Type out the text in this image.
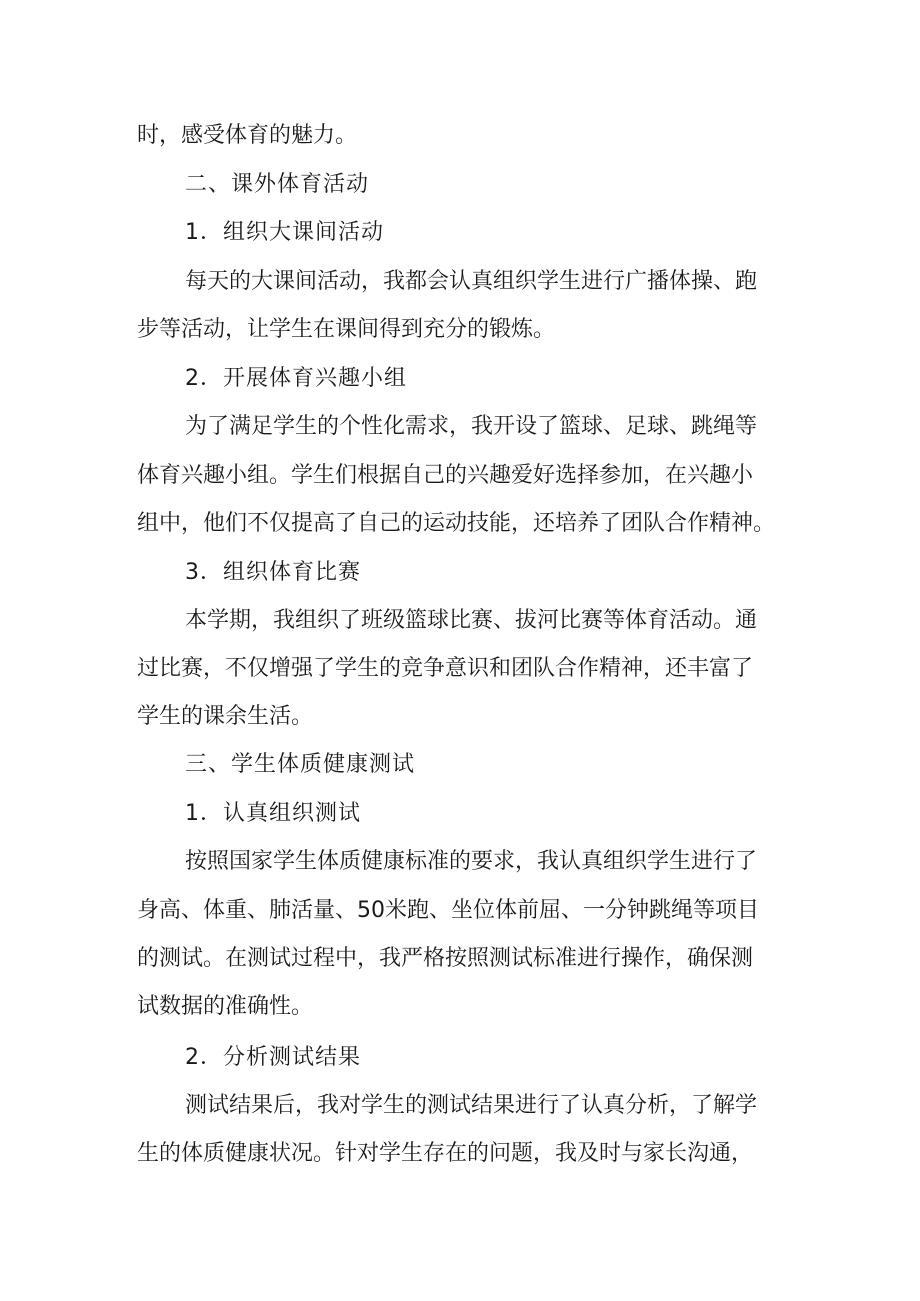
时，感受体育的魅力。
二、课外体育活动
1．组织大课间活动
每天的大课间活动，我都会认真组织学生进行广播体操、跑
步等活动，让学生在课间得到充分的锻炼。
2．开展体育兴趣小组
为了满足学生的个性化需求，我开设了篮球、足球、跳绳等
体育兴趣小组。学生们根据自己的兴趣爱好选择参加，在兴趣小
组中，他们不仅提高了自己的运动技能，还培养了团队合作精神。
3．组织体育比赛
本学期，我组织了班级篮球比赛、拔河比赛等体育活动。通
过比赛，不仅增强了学生的竞争意识和团队合作精神，还丰富了
学生的课余生活。
三、学生体质健康测试
1．认真组织测试
按照国家学生体质健康标准的要求，我认真组织学生进行了
身高、体重、肺活量、50米跑、坐位体前屈、一分钟跳绳等项目
的测试。在测试过程中，我严格按照测试标准进行操作，确保测
试数据的准确性。
2．分析测试结果
测试结果后，我对学生的测试结果进行了认真分析，了解学
生的体质健康状况。针对学生存在的问题，我及时与家长沟通，
